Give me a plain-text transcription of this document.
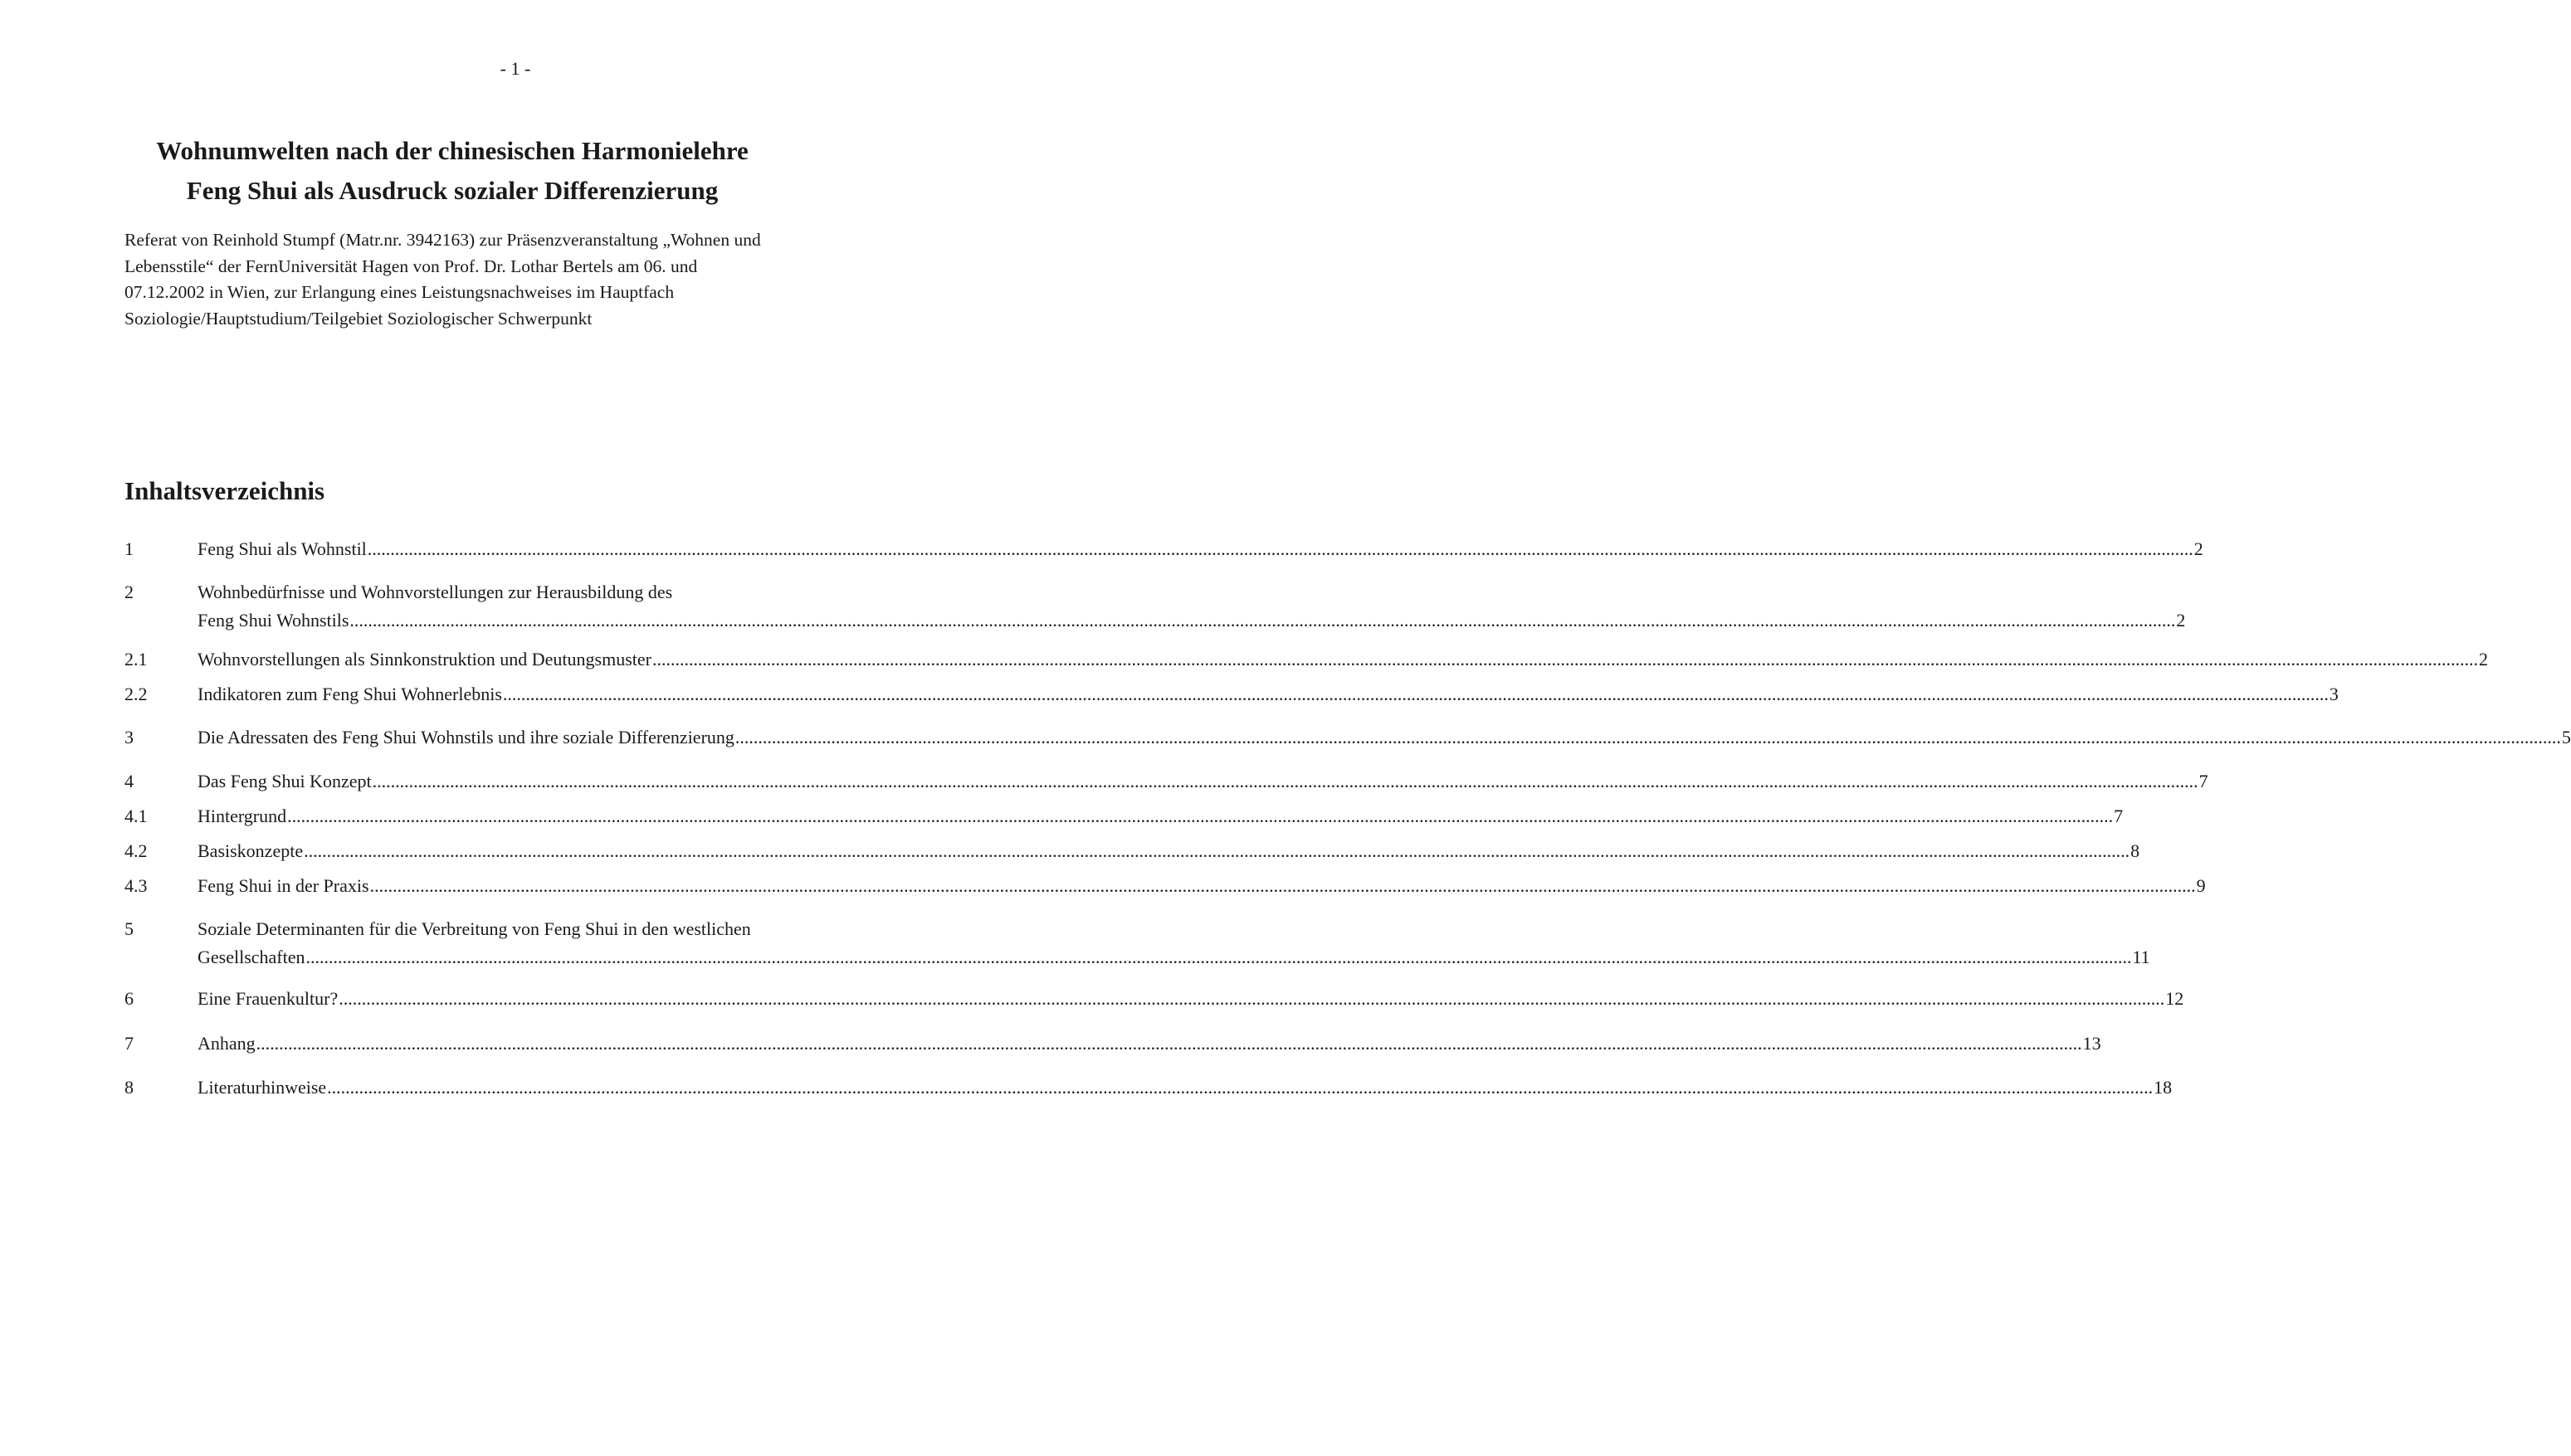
- 1 -
Wohnumwelten nach der chinesischen Harmonielehre
Feng Shui als Ausdruck sozialer Differenzierung
Referat von Reinhold Stumpf (Matr.nr. 3942163) zur Präsenzveranstaltung „Wohnen und Lebensstile“ der FernUniversität Hagen von Prof. Dr. Lothar Bertels am 06. und 07.12.2002 in Wien, zur Erlangung eines Leistungsnachweises im Hauptfach Soziologie/Hauptstudium/Teilgebiet Soziologischer Schwerpunkt
Inhaltsverzeichnis
1	Feng Shui als Wohnstil ................................................................................................................................................................................................................................................................................................................................................................................................................ 2
2	Wohnbedürfnisse und Wohnvorstellungen zur Herausbildung des
Feng Shui Wohnstils ................................................................................................................................................................................................................................................................................................................................................................................................................ 2
2.1	Wohnvorstellungen als Sinnkonstruktion und Deutungsmuster ................................................................................................................................................................................................................................................................................................................................................................................................................ 2
2.2	Indikatoren zum Feng Shui Wohnerlebnis ................................................................................................................................................................................................................................................................................................................................................................................................................ 3
3	Die Adressaten des Feng Shui Wohnstils und ihre soziale Differenzierung ................................................................................................................................................................................................................................................................................................................................................................................................................ 5
4	Das Feng Shui Konzept ................................................................................................................................................................................................................................................................................................................................................................................................................ 7
4.1	Hintergrund ................................................................................................................................................................................................................................................................................................................................................................................................................ 7
4.2	Basiskonzepte ................................................................................................................................................................................................................................................................................................................................................................................................................ 8
4.3	Feng Shui in der Praxis ................................................................................................................................................................................................................................................................................................................................................................................................................ 9
5	Soziale Determinanten für die Verbreitung von Feng Shui in den westlichen
Gesellschaften ................................................................................................................................................................................................................................................................................................................................................................................................................ 11
6	Eine Frauenkultur? ................................................................................................................................................................................................................................................................................................................................................................................................................ 12
7	Anhang ................................................................................................................................................................................................................................................................................................................................................................................................................ 13
8	Literaturhinweise ................................................................................................................................................................................................................................................................................................................................................................................................................ 18
